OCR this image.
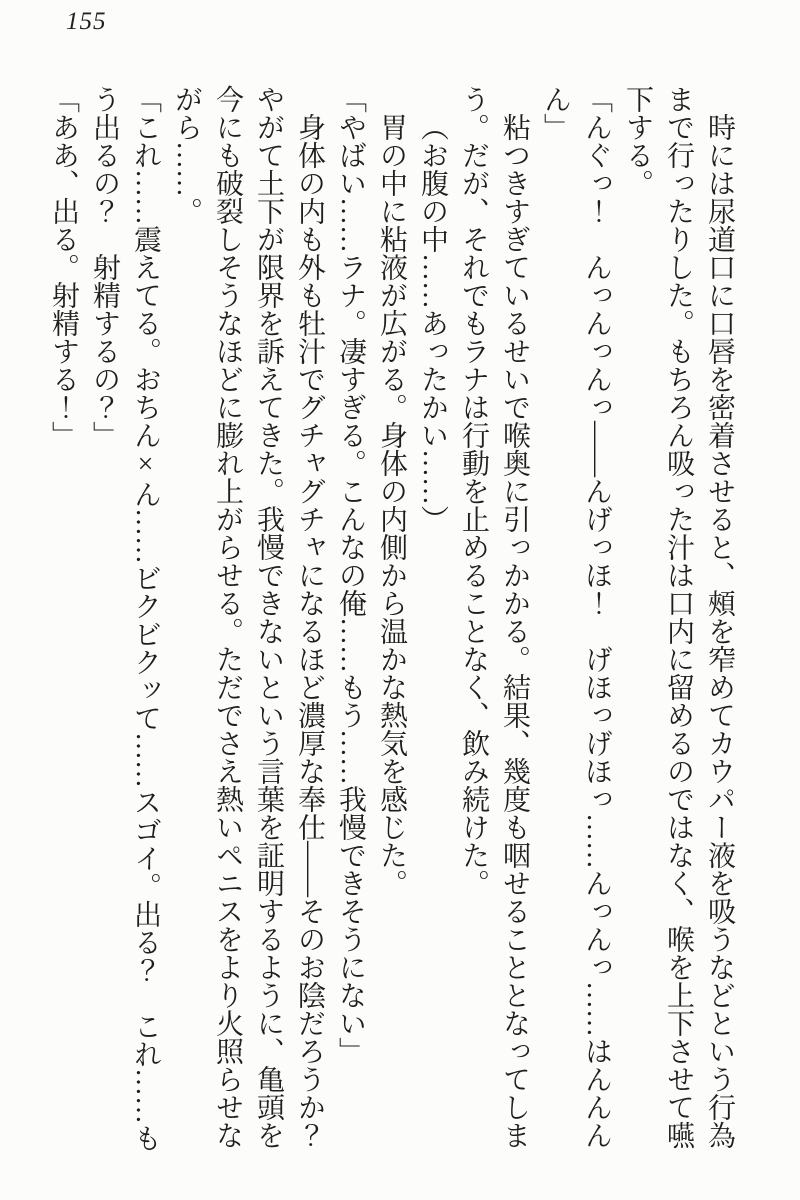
155
時には尿道口に口唇を密着させると、頰を窄めてカウパー液を吸うなどという行為
まで行ったりした。もちろん吸った汁は口内に留めるのではなく、喉を上下させて嚥
下する。
「んぐっ！　んっんっんっ――んげっほ！　げほっげほっ……んっんっ……はんんん
ん」
粘つきすぎているせいで喉奥に引っかかる。結果、幾度も咽せることとなってしま
う。だが、それでもラナは行動を止めることなく、飲み続けた。
（お腹の中……あったかい……）
胃の中に粘液が広がる。身体の内側から温かな熱気を感じた。
「やばい……ラナ。凄すぎる。こんなの俺……もう……我慢できそうにない」
身体の内も外も牡汁でグチャグチャになるほど濃厚な奉仕――そのお陰だろうか？
やがて土下が限界を訴えてきた。我慢できないという言葉を証明するように、亀頭を
今にも破裂しそうなほどに膨れ上がらせる。ただでさえ熱いペニスをより火照らせな
がら……。
「これ……震えてる。おちん×ん……ビクビクッて……スゴイ。出る？　これ……も
う出るの？　射精するの？」
「ああ、出る。射精する！」
